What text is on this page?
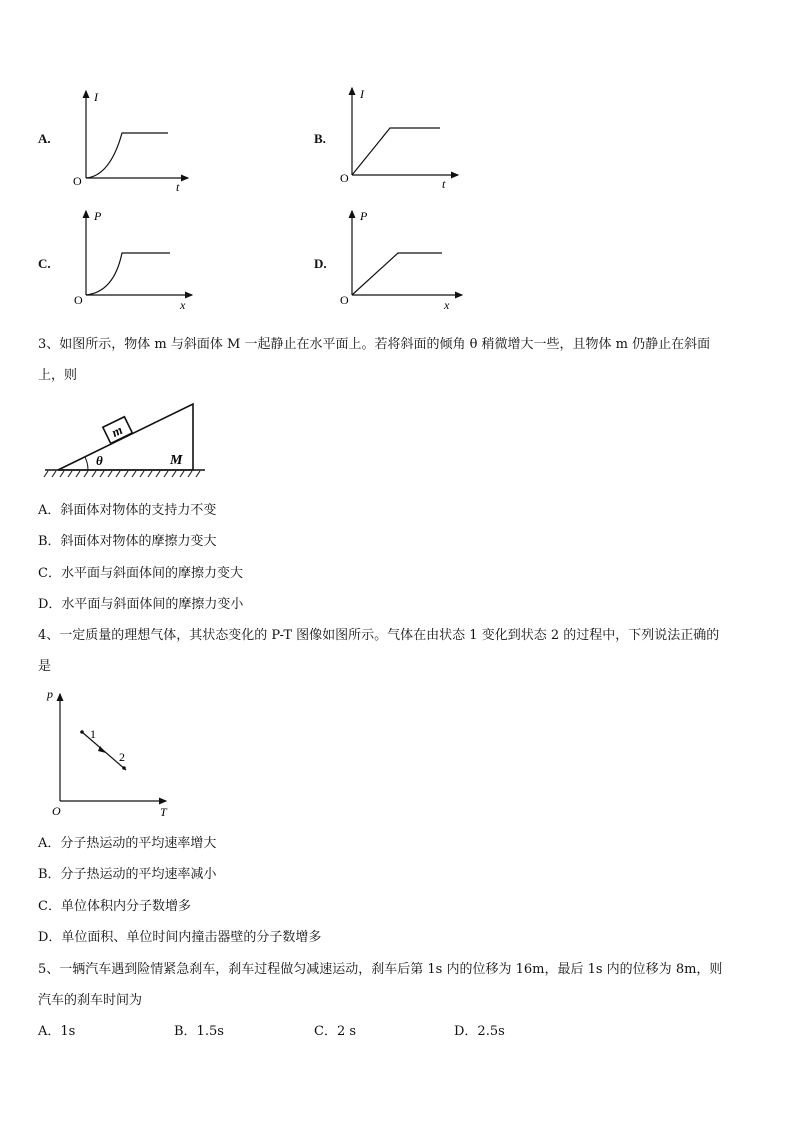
A.
I
O	t
B.
I
O	t
C.
P
O	x
D.
P
O	x
3、如图所示，物体 m 与斜面体 M 一起静止在水平面上。若将斜面的倾角 θ 稍微增大一些，且物体 m 仍静止在斜面
上，则
m
θ	M
A．斜面体对物体的支持力不变
B．斜面体对物体的摩擦力变大
C．水平面与斜面体间的摩擦力变大
D．水平面与斜面体间的摩擦力变小
4、一定质量的理想气体，其状态变化的 P-T 图像如图所示。气体在由状态 1 变化到状态 2 的过程中，下列说法正确的
是
p
O	T
1
2
A．分子热运动的平均速率增大
B．分子热运动的平均速率减小
C．单位体积内分子数增多
D．单位面积、单位时间内撞击器壁的分子数增多
5、一辆汽车遇到险情紧急刹车，刹车过程做匀减速运动，刹车后第 1s 内的位移为 16m，最后 1s 内的位移为 8m，则
汽车的刹车时间为
A．1s	B．1.5s	C．2 s	D．2.5s
